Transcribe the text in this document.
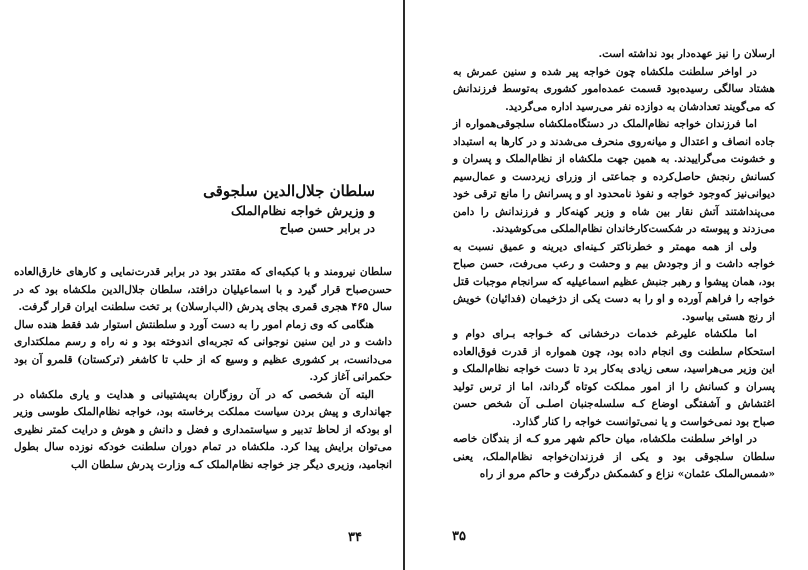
سلطان جلال‌الدین سلجوقی
و وزیرش خواجه نظام‌الملک
در برابر حسن صباح

سلطان نیرومند و با کبکبه‌ای که مقتدر بود در برابر قدرت‌نمایی و کارهای خارق‌العاده حسن‌صباح قرار گیرد و با اسماعیلیان درافتد، سلطان جلال‌الدین ملکشاه بود که در سال ۴۶۵ هجری قمری بجای پدرش (الب‌ارسلان) بر تخت سلطنت ایران قرار گرفت.

هنگامی که وی زمام امور را به دست آورد و سلطنتش استوار شد فقط هنده سال داشت و در این سنین نوجوانی که تجربه‌ای اندوخته بود و نه راه و رسم مملکتداری می‌دانست، بر کشوری عظیم و وسیع که از حلب تا کاشغر (ترکستان) قلمرو آن بود حکمرانی آغاز کرد.

البته آن شخصی که در آن روزگاران به‌پشتیبانی و هدایت و یاری ملکشاه در جهانداری و پیش بردن سیاست مملکت برخاسته بود، خواجه نظام‌الملک طوسی وزیر او بودکه از لحاظ تدبیر و سیاستمداری و فضل و دانش و هوش و درایت کمتر نظیری می‌توان برایش پیدا کرد. ملکشاه در تمام دوران سلطنت خودکه نوزده سال بطول انجامید، وزیری دیگر جز خواجه نظام‌الملک کـه وزارت پدرش سلطان الب

۳۴

ارسلان را نیز عهده‌دار بود نداشته است.

در اواخر سلطنت ملکشاه چون خواجه پیر شده و سنین عمرش به هشتاد سالگی رسیده‌بود قسمت عمده‌امور کشوری به‌توسط فرزندانش که می‌گویند تعدادشان به دوازده نفر می‌رسید اداره می‌گردید.

اما فرزندان خواجه نظام‌الملک در دستگاه‌ملکشاه سلجوقی‌همواره از جاده انصاف و اعتدال و میانه‌روی منحرف می‌شدند و در کارها به استبداد و خشونت می‌گراییدند. به همین جهت ملکشاه از نظام‌الملک و پسران و کسانش رنجش حاصل‌کرده و جماعتی از وزرای زیردست و عمال‌سیم دیوانی‌نیز که‌وجود خواجه و نفوذ نامحدود او و پسرانش را مانع ترقی خود می‌پنداشتند آتش نقار بین شاه و وزیر کهنه‌کار و فرزندانش را دامن می‌زدند و پیوسته در شکست‌کار‌خاندان نظام‌الملکی می‌کوشیدند.

ولی از همه مهمتر و خطرناکتر کـینه‌ای دیرینه و عمیق نسبت به خواجه داشت و از وجودش بیم و وحشت و رعب می‌رفت، حسن صباح بود، همان پیشوا و رهبر جنبش عظیم اسماعیلیه که سرانجام موجبات قتل خواجه را فراهم آورده و او را به دست یکی از دژخیمان (فدائیان) خویش از رنج هستی بیاسود.

اما ملکشاه علیرغم خدمات درخشانی که خـواجه بـرای دوام و استحکام سلطنت وی انجام داده بود، چون همواره از قدرت فوق‌العاده این وزیر می‌هراسید، سعی زیادی به‌کار برد تا دست خواجه نظام‌الملک و پسران و کسانش را از امور مملکت کوتاه گرداند، اما از ترس تولید اغتشاش و آشفتگی اوضاع کـه سلسله‌جنبان اصلـی آن شخص حسن صباح بود نمی‌خواست و یا نمی‌توانست خواجه را کنار گذارد.

در اواخر سلطنت ملکشاه، میان حاکم شهر مرو کـه از بندگان خاصه سلطان سلجوقی بود و یکی از فرزندان‌خواجه نظام‌الملک، یعنی «شمس‌الملک عثمان» نزاع و کشمکش درگرفت و حاکم مرو از راه

۳۵
